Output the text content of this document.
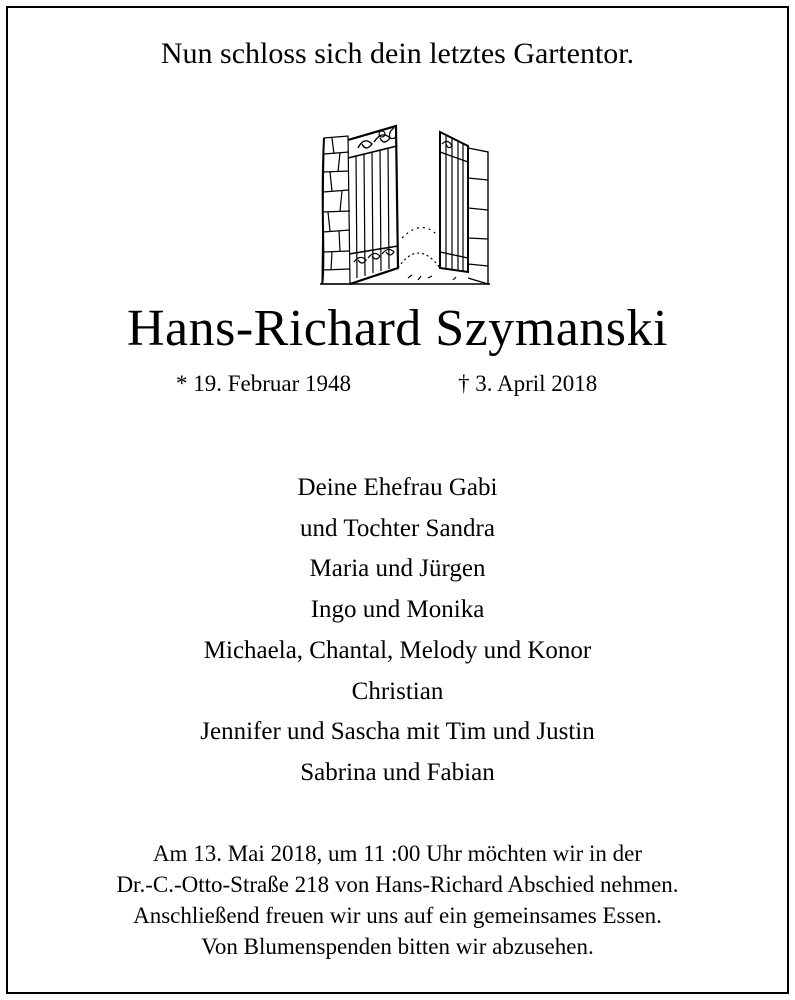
Nun schloss sich dein letztes Gartentor.
Hans-Richard Szymanski
* 19. Februar 1948	† 3. April 2018
Deine Ehefrau Gabi
und Tochter Sandra
Maria und Jürgen
Ingo und Monika
Michaela, Chantal, Melody und Konor
Christian
Jennifer und Sascha mit Tim und Justin
Sabrina und Fabian
Am 13. Mai 2018, um 11 :00 Uhr möchten wir in der
Dr.-C.-Otto-Straße 218 von Hans-Richard Abschied nehmen.
Anschließend freuen wir uns auf ein gemeinsames Essen.
Von Blumenspenden bitten wir abzusehen.
